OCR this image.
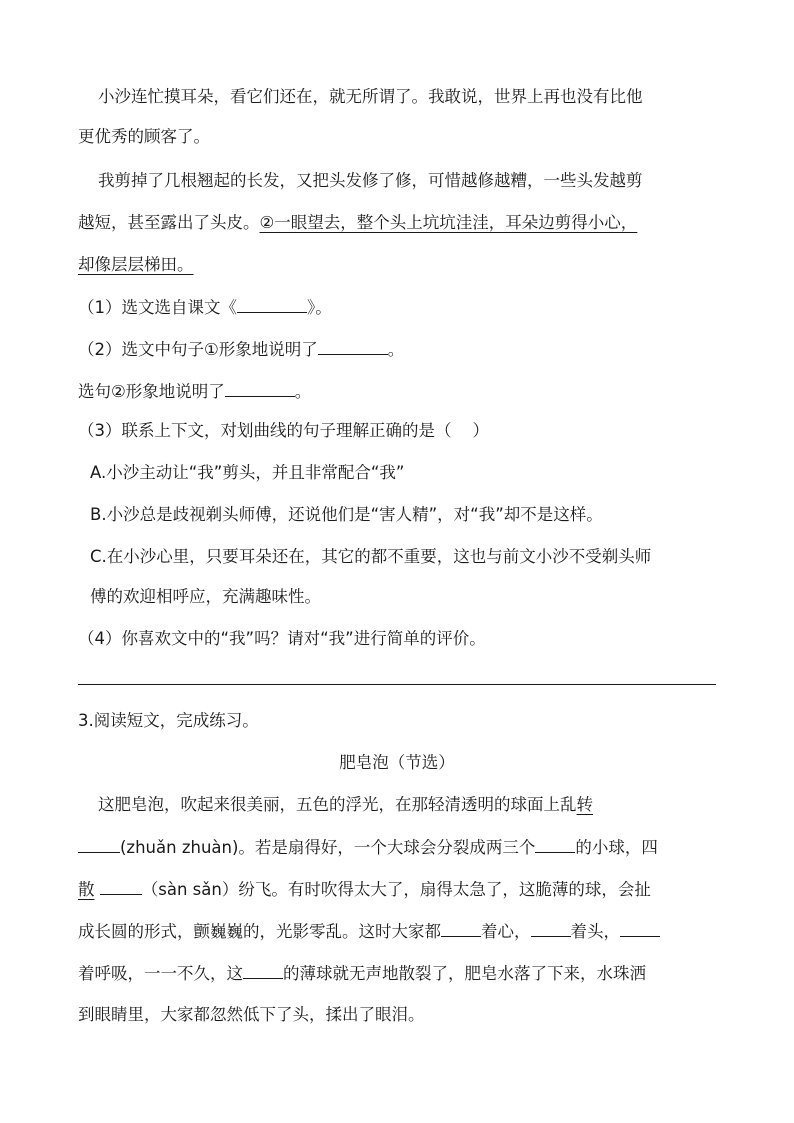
小沙连忙摸耳朵，看它们还在，就无所谓了。我敢说，世界上再也没有比他
更优秀的顾客了。
我剪掉了几根翘起的长发，又把头发修了修，可惜越修越糟，一些头发越剪
越短，甚至露出了头皮。②一眼望去，整个头上坑坑洼洼，耳朵边剪得小心，
却像层层梯田。
（1）选文选自课文《	》。
（2）选文中句子①形象地说明了	。
选句②形象地说明了	。
（3）联系上下文，对划曲线的句子理解正确的是（    ）
A.小沙主动让“我”剪头，并且非常配合“我”
B.小沙总是歧视剃头师傅，还说他们是“害人精”，对“我”却不是这样。
C.在小沙心里，只要耳朵还在，其它的都不重要，这也与前文小沙不受剃头师
傅的欢迎相呼应，充满趣味性。
（4）你喜欢文中的“我”吗？请对“我”进行简单的评价。
3.阅读短文，完成练习。
肥皂泡（节选）
这肥皂泡，吹起来很美丽，五色的浮光，在那轻清透明的球面上乱转
(zhuǎn zhuàn)。若是扇得好，一个大球会分裂成两三个 的小球，四
散	（sàn sǎn）纷飞。有时吹得太大了，扇得太急了，这脆薄的球，会扯
成长圆的形式，颤巍巍的，光影零乱。这时大家都 着心， 着头，
着呼吸，一一不久，这 的薄球就无声地散裂了，肥皂水落了下来，水珠洒
到眼睛里，大家都忽然低下了头，揉出了眼泪。
